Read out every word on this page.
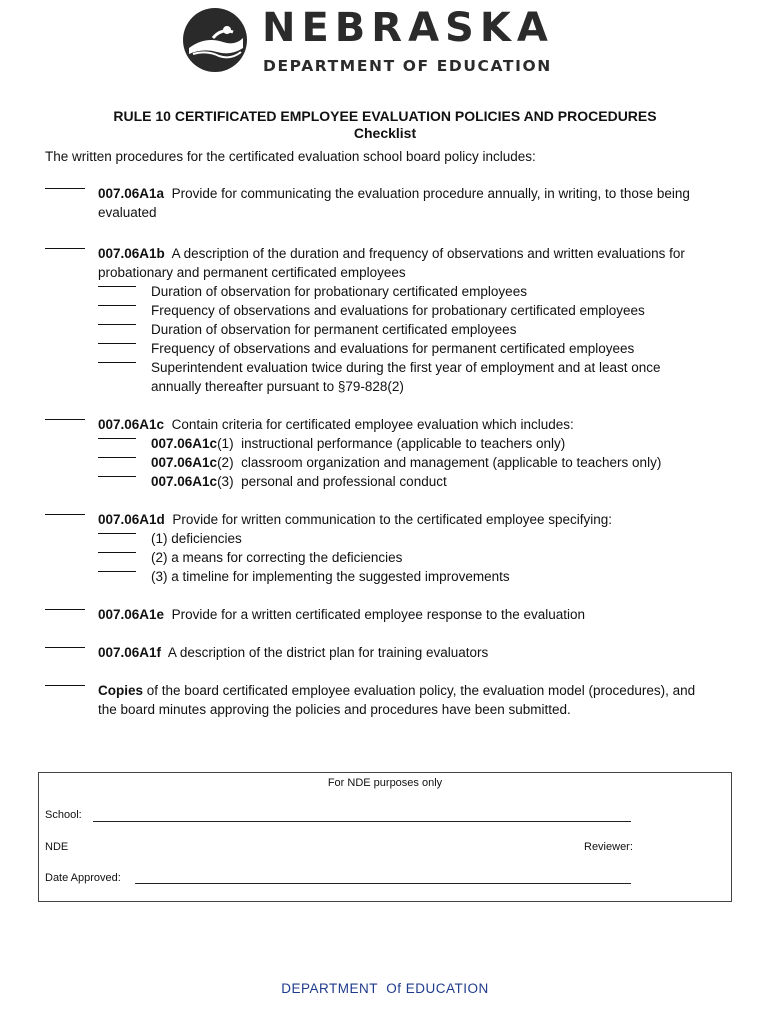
NEBRASKA
DEPARTMENT OF EDUCATION
RULE 10 CERTIFICATED EMPLOYEE EVALUATION POLICIES AND PROCEDURES
Checklist
The written procedures for the certificated evaluation school board policy includes:
007.06A1a Provide for communicating the evaluation procedure annually, in writing, to those being
evaluated
007.06A1b A description of the duration and frequency of observations and written evaluations for
probationary and permanent certificated employees
Duration of observation for probationary certificated employees
Frequency of observations and evaluations for probationary certificated employees
Duration of observation for permanent certificated employees
Frequency of observations and evaluations for permanent certificated employees
Superintendent evaluation twice during the first year of employment and at least once
annually thereafter pursuant to §79-828(2)
007.06A1c Contain criteria for certificated employee evaluation which includes:
007.06A1c(1) instructional performance (applicable to teachers only)
007.06A1c(2) classroom organization and management (applicable to teachers only)
007.06A1c(3) personal and professional conduct
007.06A1d Provide for written communication to the certificated employee specifying:
(1) deficiencies
(2) a means for correcting the deficiencies
(3) a timeline for implementing the suggested improvements
007.06A1e Provide for a written certificated employee response to the evaluation
007.06A1f A description of the district plan for training evaluators
Copies of the board certificated employee evaluation policy, the evaluation model (procedures), and
the board minutes approving the policies and procedures have been submitted.
For NDE purposes only
School:
NDE	Reviewer:
Date Approved:
DEPARTMENT  Of EDUCATION
